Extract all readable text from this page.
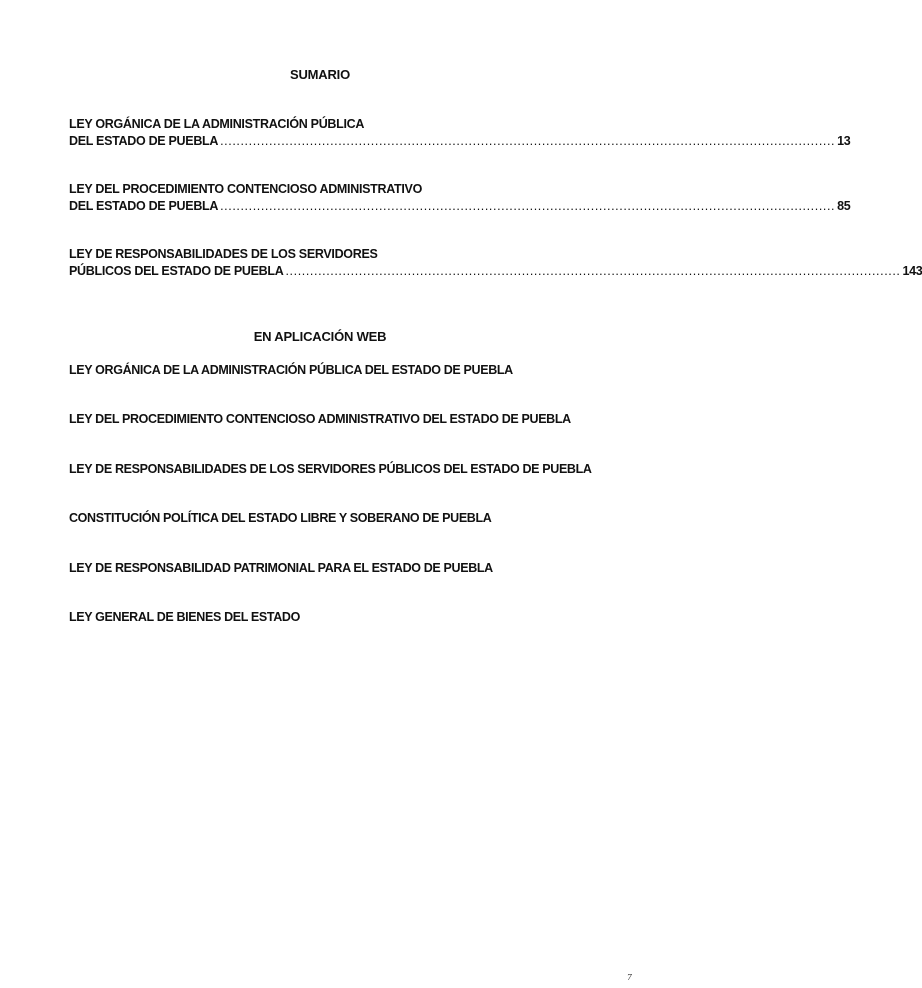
SUMARIO
LEY ORGÁNICA DE LA ADMINISTRACIÓN PÚBLICA
DEL ESTADO DE PUEBLA ....................................................................................................................................................... 13
LEY DEL PROCEDIMIENTO CONTENCIOSO ADMINISTRATIVO
DEL ESTADO DE PUEBLA ....................................................................................................................................................... 85
LEY DE RESPONSABILIDADES DE LOS SERVIDORES
PÚBLICOS DEL ESTADO DE PUEBLA ....................................................................................................................................................... 143
EN APLICACIÓN WEB
LEY ORGÁNICA DE LA ADMINISTRACIÓN PÚBLICA DEL ESTADO DE PUEBLA
LEY DEL PROCEDIMIENTO CONTENCIOSO ADMINISTRATIVO DEL ESTADO DE PUEBLA
LEY DE RESPONSABILIDADES DE LOS SERVIDORES PÚBLICOS DEL ESTADO DE PUEBLA
CONSTITUCIÓN POLÍTICA DEL ESTADO LIBRE Y SOBERANO DE PUEBLA
LEY DE RESPONSABILIDAD PATRIMONIAL PARA EL ESTADO DE PUEBLA
LEY GENERAL DE BIENES DEL ESTADO
7
